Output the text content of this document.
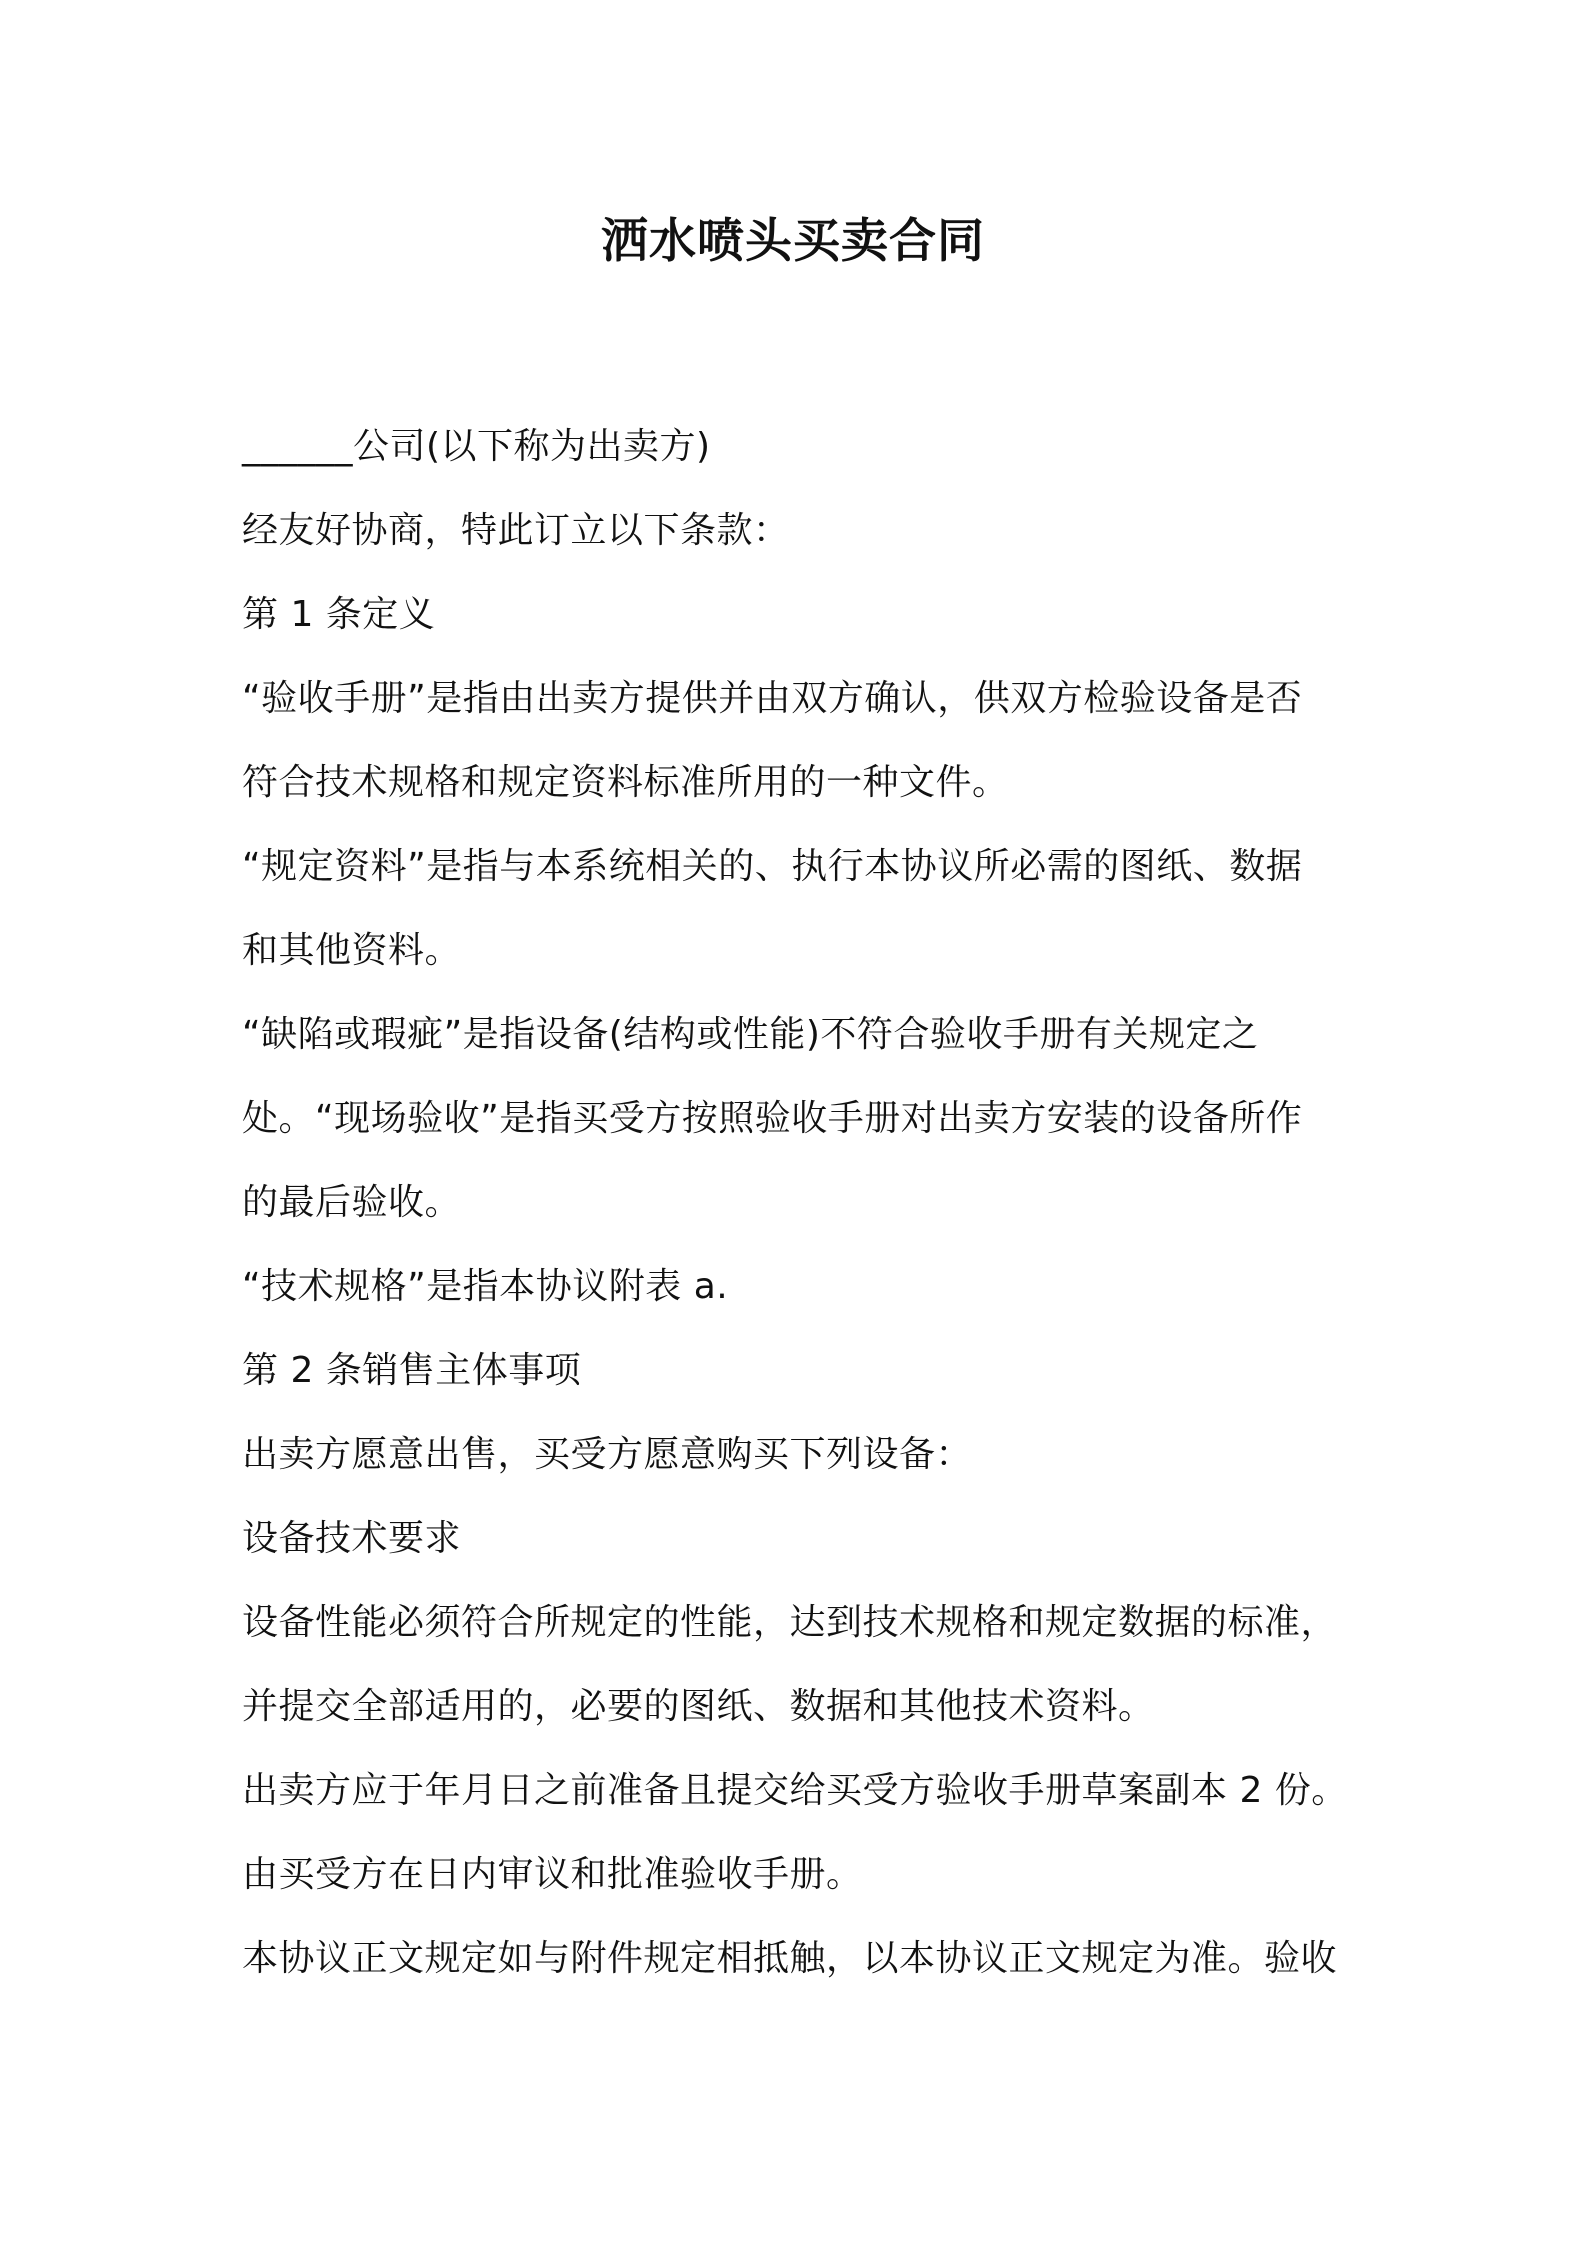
洒水喷头买卖合同
______公司(以下称为出卖方)
经友好协商，特此订立以下条款：
第 1 条定义
“验收手册”是指由出卖方提供并由双方确认，供双方检验设备是否
符合技术规格和规定资料标准所用的一种文件。
“规定资料”是指与本系统相关的、执行本协议所必需的图纸、数据
和其他资料。
“缺陷或瑕疵”是指设备(结构或性能)不符合验收手册有关规定之
处。“现场验收”是指买受方按照验收手册对出卖方安装的设备所作
的最后验收。
“技术规格”是指本协议附表 a.
第 2 条销售主体事项
出卖方愿意出售，买受方愿意购买下列设备：
设备技术要求
设备性能必须符合所规定的性能，达到技术规格和规定数据的标准，
并提交全部适用的，必要的图纸、数据和其他技术资料。
出卖方应于年月日之前准备且提交给买受方验收手册草案副本 2 份。
由买受方在日内审议和批准验收手册。
本协议正文规定如与附件规定相抵触，以本协议正文规定为准。验收
